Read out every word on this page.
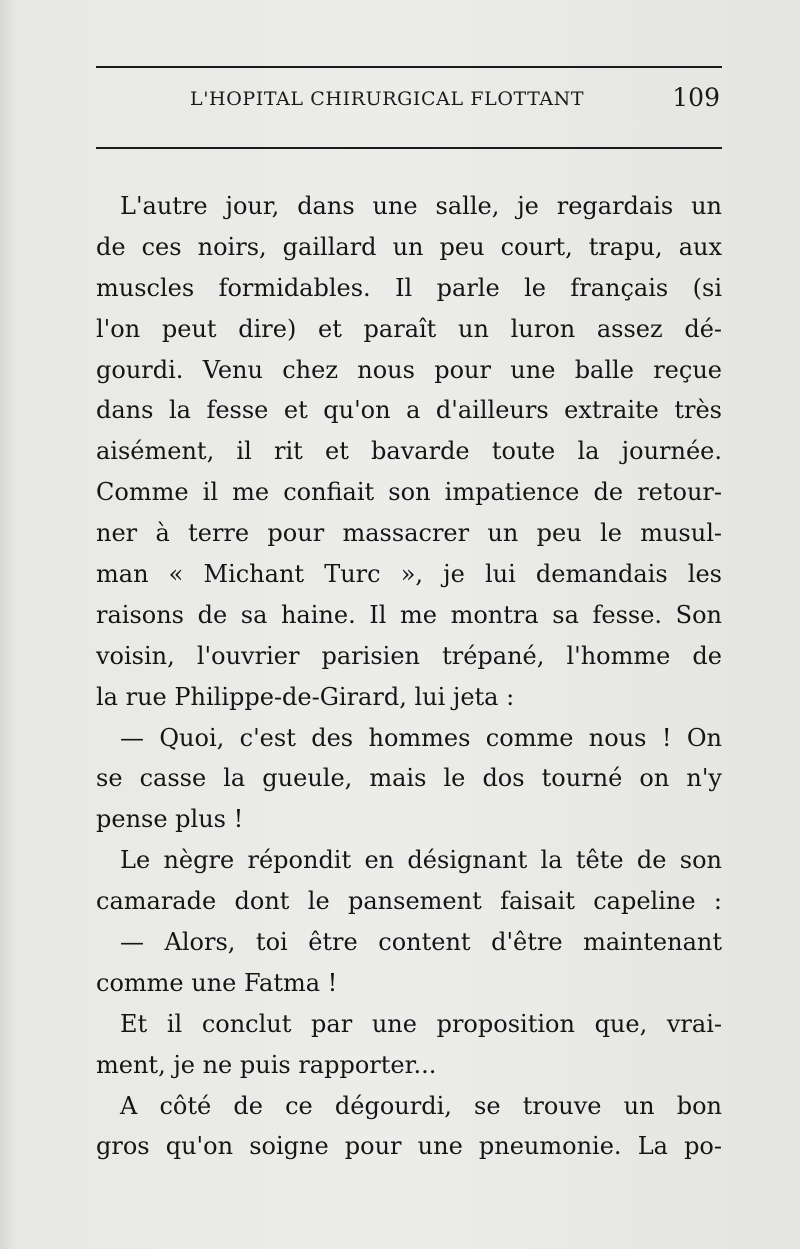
L'HOPITAL CHIRURGICAL FLOTTANT	109
L'autre jour, dans une salle, je regardais un
de ces noirs, gaillard un peu court, trapu, aux
muscles formidables. Il parle le français (si
l'on peut dire) et paraît un luron assez dé-
gourdi. Venu chez nous pour une balle reçue
dans la fesse et qu'on a d'ailleurs extraite très
aisément, il rit et bavarde toute la journée.
Comme il me confiait son impatience de retour-
ner à terre pour massacrer un peu le musul-
man « Michant Turc », je lui demandais les
raisons de sa haine. Il me montra sa fesse. Son
voisin, l'ouvrier parisien trépané, l'homme de
la rue Philippe-de-Girard, lui jeta :
— Quoi, c'est des hommes comme nous ! On
se casse la gueule, mais le dos tourné on n'y
pense plus !
Le nègre répondit en désignant la tête de son
camarade dont le pansement faisait capeline :
— Alors, toi être content d'être maintenant
comme une Fatma !
Et il conclut par une proposition que, vrai-
ment, je ne puis rapporter...
A côté de ce dégourdi, se trouve un bon
gros qu'on soigne pour une pneumonie. La po-
